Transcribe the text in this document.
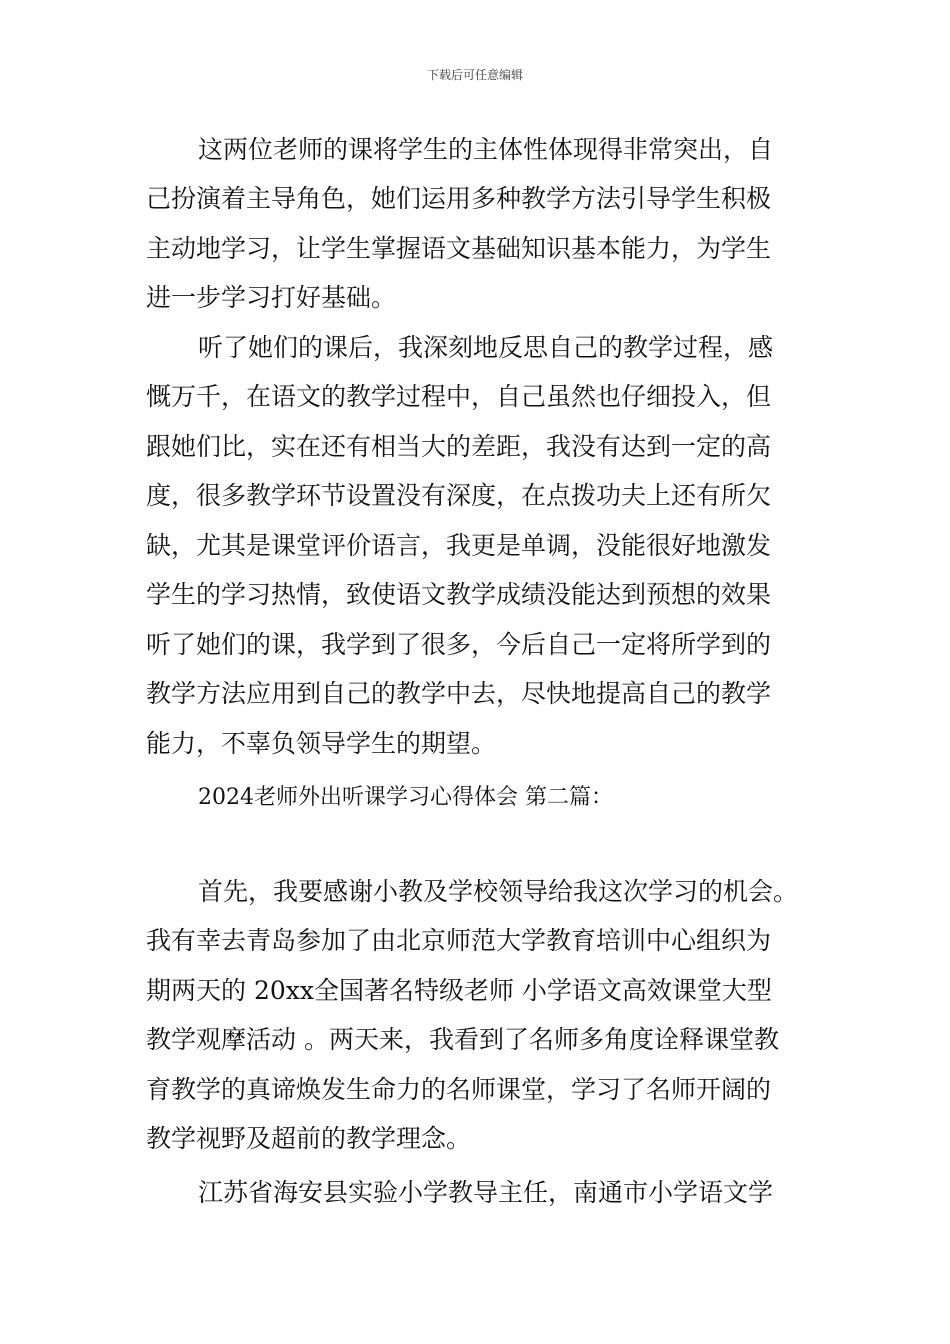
下载后可任意编辑
这两位老师的课将学生的主体性体现得非常突出，自
己扮演着主导角色，她们运用多种教学方法引导学生积极
主动地学习，让学生掌握语文基础知识基本能力，为学生
进一步学习打好基础。
听了她们的课后，我深刻地反思自己的教学过程，感
慨万千，在语文的教学过程中，自己虽然也仔细投入，但
跟她们比，实在还有相当大的差距，我没有达到一定的高
度，很多教学环节设置没有深度，在点拨功夫上还有所欠
缺，尤其是课堂评价语言，我更是单调，没能很好地激发
学生的学习热情，致使语文教学成绩没能达到预想的效果
听了她们的课，我学到了很多，今后自己一定将所学到的
教学方法应用到自己的教学中去，尽快地提高自己的教学
能力，不辜负领导学生的期望。
2024老师外出听课学习心得体会 第二篇：
首先，我要感谢小教及学校领导给我这次学习的机会。
我有幸去青岛参加了由北京师范大学教育培训中心组织为
期两天的 20xx全国著名特级老师 小学语文高效课堂大型
教学观摩活动 。两天来，我看到了名师多角度诠释课堂教
育教学的真谛焕发生命力的名师课堂，学习了名师开阔的
教学视野及超前的教学理念。
江苏省海安县实验小学教导主任，南通市小学语文学
